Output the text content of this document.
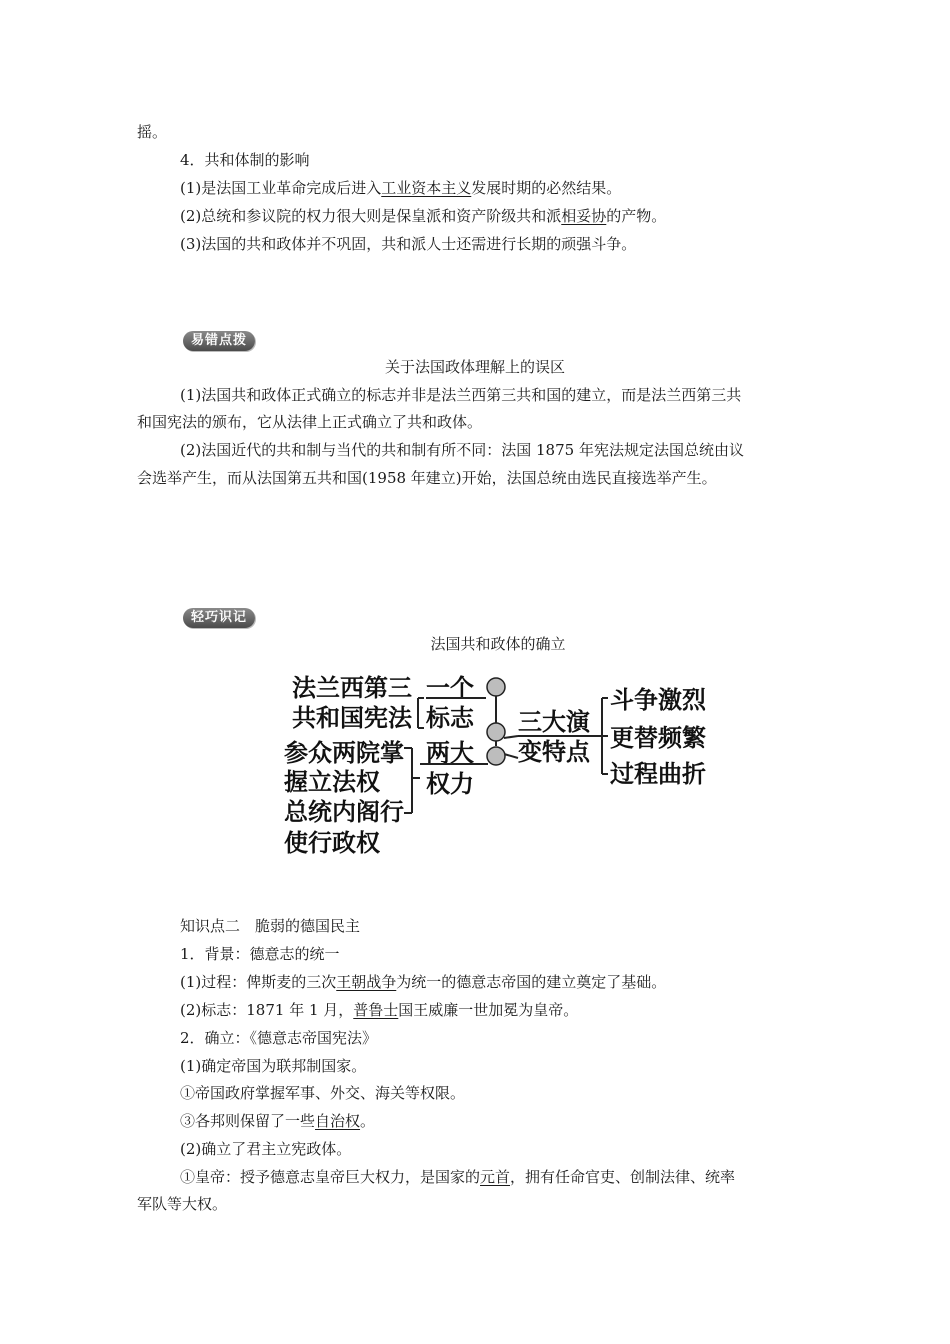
摇。
4．共和体制的影响
(1)是法国工业革命完成后进入工业资本主义发展时期的必然结果。
(2)总统和参议院的权力很大则是保皇派和资产阶级共和派相妥协的产物。
(3)法国的共和政体并不巩固，共和派人士还需进行长期的顽强斗争。
易错点拨
关于法国政体理解上的误区
(1)法国共和政体正式确立的标志并非是法兰西第三共和国的建立，而是法兰西第三共
和国宪法的颁布，它从法律上正式确立了共和政体。
(2)法国近代的共和制与当代的共和制有所不同：法国 1875 年宪法规定法国总统由议
会选举产生，而从法国第五共和国(1958 年建立)开始，法国总统由选民直接选举产生。
轻巧识记
法国共和政体的确立
法兰西第三
共和国宪法
一个
标志
参众两院掌
握立法权
总统内阁行
使行政权
两大
权力
三大演
变特点
斗争激烈
更替频繁
过程曲折
知识点二　脆弱的德国民主
1．背景：德意志的统一
(1)过程：俾斯麦的三次王朝战争为统一的德意志帝国的建立奠定了基础。
(2)标志：1871 年 1 月，普鲁士国王威廉一世加冕为皇帝。
2．确立：《德意志帝国宪法》
(1)确定帝国为联邦制国家。
①帝国政府掌握军事、外交、海关等权限。
③各邦则保留了一些自治权。
(2)确立了君主立宪政体。
①皇帝：授予德意志皇帝巨大权力，是国家的元首，拥有任命官吏、创制法律、统率
军队等大权。
